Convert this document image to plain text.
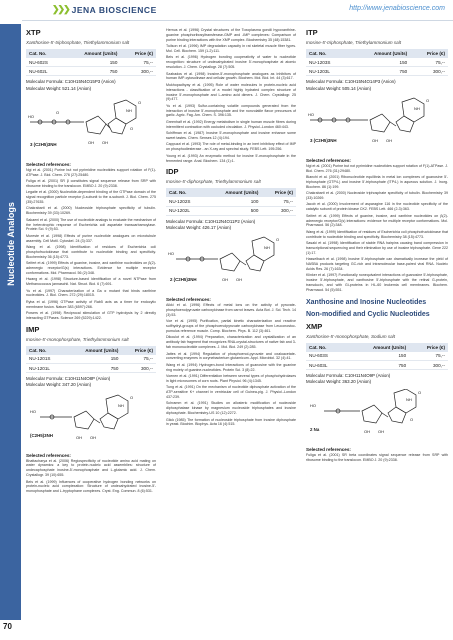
❯❯❯ JENA BIOSCIENCE	http://www.jenabioscience.com
Nucleotide Analogs
70
XTP
Xanthosine-5'-triphosphate, Triethylammonium salt
Cat. No.	Amount (Units)	Price (€)
NU-602S	150	75,--
NU-602L	750	300,--
Molecular Formula: C10H15N4O15P3 (Anion)
Molecular Weight: 521.14 (Anion)
HO
O	NH
O
O
OH OH
3 (C2H5)3NH
Selected references:

Ngi et al. (2001) Purine but not pyrimidine nucleotides support rotation of F(1)-ATPase. J. Biol. Chem. 276 (27):25480.

Fuliga et al. (2001) SR β constitutes signal sequence release from SRP with ribosome binding to the translocon. EMBO J. 20 (9):2338.

Legaite et al. (2000) Nucleotide-dependent binding of the GTPase domain of the signal recognition particle receptor β-subunit to the α-subunit. J. Biol. Chem. 275 (35):27635.

Chakrabarti et al. (2000) Nucleoside triphosphate specificity of tubulin. Biochemistry 39 (33):10269.

Sakaeni et al. (2000) The use of nucleotide analogs to evaluate the mechanism of the heterotrophic response of Escherichia coli aspartate transcarbamoylase. Protein Sci. 9 (9):53.

Mureste et al. (1998) Effects of purine nucleotide analogues on microtubule assembly. Cell Motil. Cytoskel. 24 (3):337.

Wang et al. (1998) Identification of residues of Escherichia coli phosphofructokinase that contribute to nucleotide binding and specificity. Biochemistry 36 (15):4773.

Seifert et al. (1999) Effects of guanine, inosine, and xanthine nucleotides on β(2)-adrenergic receptor/G(s) interactions. Evidence for multiple receptor conformations. Mol. Pharmacol. 56 (2):348.

Hwang et al. (1998) Structure-based identification of a novel NTPase from Methanococcus jannaschii. Nat. Struct. Biol. 6 (7):691.

Yu et al. (1997) Characterization of a Ga α mutant that binds xanthine nucleotides. J. Biol. Chem. 272 (29):18015.

Ryba et al. (1996) GTPase activity of Rab5 acts as a timer for endocytic membrane fusion. Nature 383 (6597):266.

Powers et al. (1998) Reciprocal stimulation of GTP hydrolysis by 2 directly interacting GTPases. Science 269 (5229):1422.

IMP
Inosine-5'-monophosphate, Triethylammonium salt
Cat. No.	Amount (Units)	Price (€)
NU-1201S	150	75,--
NU-1201L	750	300,--
Molecular Formula: C10H11N4O8P (Anion)
Molecular Weight: 347.20 (Anion)
HO
NH
O
OH OH
(C2H5)3NH
Selected references:

Bhattacharya et al. (2006) Regiospecificity of nucleotide amino acid mating on water dynamics: a key to protein-nucleic acid assemblies: structure of undecaphosphate inosine-5'-monophosphate and L-glutamic acid. J. Chem. Crystallogr. 39 (10):655.

Beis et al. (1999) Influences of cooperative hydrogen bonding networks on protein-nucleic acid complexation: Structure of undecahydrated inosine-5'-monophosphate and L-tryptophane complexes. Cryst. Eng. Commun. 8 (6):531.

Hernus et al. (1996) Crystal structures of the Toxoplasma gondii hypoxanthine-guanine phosphoribosyltransferase-GMP and -IMP complexes: Comparison of purine binding interactions with the XMP complex. Biochemistry 35 (48):15381.

Tuilson et al. (1996) IMP degradation capacity in rat skeletal muscle fiber types. Mol. Cell. Biochem. 159 (1-2):111.

Beis et al. (1996) Hydrogen bonding cooperativity of water to nucleotide recognition: structure of undecahydrated inosine 5'-monophosphate at atomic resolution. J. Chem. Crystallogr. 28 (7):505.

Szabados et al. (1998) Inosine-5'-monophosphate analogues as inhibitors of human IMP-cytosolinase and cellular growth. Biochem. Mol. Biol. Int. 44 (3):617.

Mukhopadhyay et al. (1995) Role of water molecules in protein-nucleic acid interactions - classification of a model highly hydrated complex structure of inosine 5'-monophosphate and L-amino acid dimers. J. Chem. Crystallogr. 25 (9):477.

Yu et al. (1993) Sulfur-containing volatile compounds generated from the interaction of inosine 5'-monophosphate and the nonvolatile flavor precursors of garlic. Agric. Fag. Am. Chem. S. 396:135.

Greenhalf et al. (1992) Energy metabolism in single human muscle fibres during intermittent contraction with occluded circulation. J. Physiol.-London 460:443.

Schiffman et al. (1987) Inosine 5'-monophosphate and inosine enhance some sweet tastes. Chem. Senses 12 (4):194.

Cappuzzi et al. (1993) The role of metal-binding in an inert inhibitory effect of IMP on phosphodiesterase - an X-ray and spectral study. FEBS Lett. 195:256.

Young et al. (1993) An enzymatic method for inosine 5'-monophosphate in the fermented range. Anal. Biochem. 134 (1):1.

IDP
Inosine-5'-diphosphate, Triethylammonium salt
Cat. No.	Amount (Units)	Price (€)
NU-1202S	100	75,--
NU-1202L	500	300,--
Molecular Formula: C10H12N4O11P2 (Anion)
Molecular Weight: 426.17 (Anion)
HO
NH
O
OH OH
2 (C2H5)3NH
Selected references:

Aikki et al. (1996) Effects of metal ions on the activity of pyruvate-phosphoenolpyruvate carboxykinase from carrot leaves. Acta Bot. J. Sci. Tech. 14 (3):53.

Voe et al. (1995) Purification, partial kinetic characterization and reactive sulfhydryl-groups of the phosphoenolpyruvate carboxykinase from Leuconostoc-pumulus reference muscle. Comp. Biochem. Phys. B. 112 (3):461.

Dikoulot et al. (1994) Preparation, characterization and crystallization of an antibody fab fragment that recognizes RNA-crystal-structures of native fab and 3-fab mononucleotide complexes. J. Mol. Biol. 249 (2):285.

Jattes et al. (1994) Regulation of phosphoenol-pyruvate and oxaloacetate-converting enzymes in corynebacterium glutamicum. Appl. Microbiol. 32 (4):41.

Wang et al. (1994) Hydrogen-bond interactions of guanosine with the guanine ring moiety of guanine-nucleotides. Protein Sci. 3 (8):22.

Voenen et al. (1991) Differentiation between several types of phosphohydrolases in light microsomes of corn roots. Plant Physiol. 96 (4):1345.

Tung et al. (1991) On the mechanism of nucleotide diphosphate activation of the ATP-sensitive K+ channel in ventricular cell of Guinea-pig. J. Physiol.-London 437:239.

Schramm et al. (1991) Studies on allosteric modification of nucleoside diphosphatase kinase by magnesium nucleoside triphosphates and inosine diphosphate. Biochemistry-US 10 (12):2272.

Glick (1985) The formation of nucleoside triphosphate from inosine diphosphate in yeast. Biochim. Biophys. Acta 16 (4):515.

ITP
Inosine-5'-triphosphate, Triethylammonium salt
Cat. No.	Amount (Units)	Price (€)
NU-1203S	150	75,--
NU-1203L	750	300,--
Molecular Formula: C10H15N4O14P3 (Anion)
Molecular Weight: 505.14 (Anion)
HO
NH
O
OH OH
3 (C2H5)3NH
Selected references:

Ngi et al. (2001) Purine but not pyrimidine nucleotides support rotation of F(1)-ATPase. J. Biol. Chem. 276 (31):29480.

Bianchi et al. (2001) Ribonucleotide equilibria in metal ion complexes of guanosine 5'-triphosphate (GTP4-) and inosine 5'-triphosphate (ITP4-) in aqueous solution. J. Inorg. Biochem. 86 (1):199.

Chakrabarti et al. (2000) Nucleoside triphosphate specificity of tubulin. Biochemistry 39 (33):10269.

Jacob et al. (2000) Involvement of asparagine 116 in the nucleotide specificity of the catalytic subunit of protein kinase CK2. FEBS Lett. 466 (2-3):363.

Seifert et al. (1999) Effects of guanine, inosine, and xanthine nucleotides on β(2)-adrenergic receptor/G(s) interactions: evidence for multiple receptor conformations. Mol. Pharmacol. 56 (2):348.

Wang et al. (1999) Identification of residues of Escherichia coli phosphofructokinase that contribute to nucleotide binding and specificity. Biochemistry 38 (15):4773.

Sasaki et al. (1998) Identification of stable RNA hairpins causing band compression in transcriptional sequencing and their elimination by use of inosine triphosphate. Gene 222 (1):17.

Hasselbach et al. (1998) Inosine 5'-triphosphate can dramatically increase the yield of NASBA products targeting GC-rich and intramolecular base-paired viral RNA. Nucleic Acids Res. 26 (7):1634.

Klinker et al. (1997) Functionally nonequivalent interactions of guanosine 5'-triphosphate, inosine 5'-triphosphate, and xanthosine 5'-triphosphate with the retinal G-protein, transducin, and with Gi-proteins in HL-60 leukemia cell membranes. Biochem. Pharmacol. 54 (5):551.

Xanthosine and Inosine Nucleotides
Non-modified and Cyclic Nucleotides
XMP
Xanthosine-5'-monophosphate, Sodium salt
Cat. No.	Amount (Units)	Price (€)
NU-603S	150	75,--
NU-603L	750	300,--
Molecular Formula: C10H11N4O9P (Anion)
Molecular Weight: 363.20 (Anion)
HO
NH
O
O
OH OH
2 Na
Selected references:

Fuliga et al. (2001) SR beta coordinates signal sequence release from SRP with ribosome binding to the translocon. EMBO J. 20 (9):2338.
